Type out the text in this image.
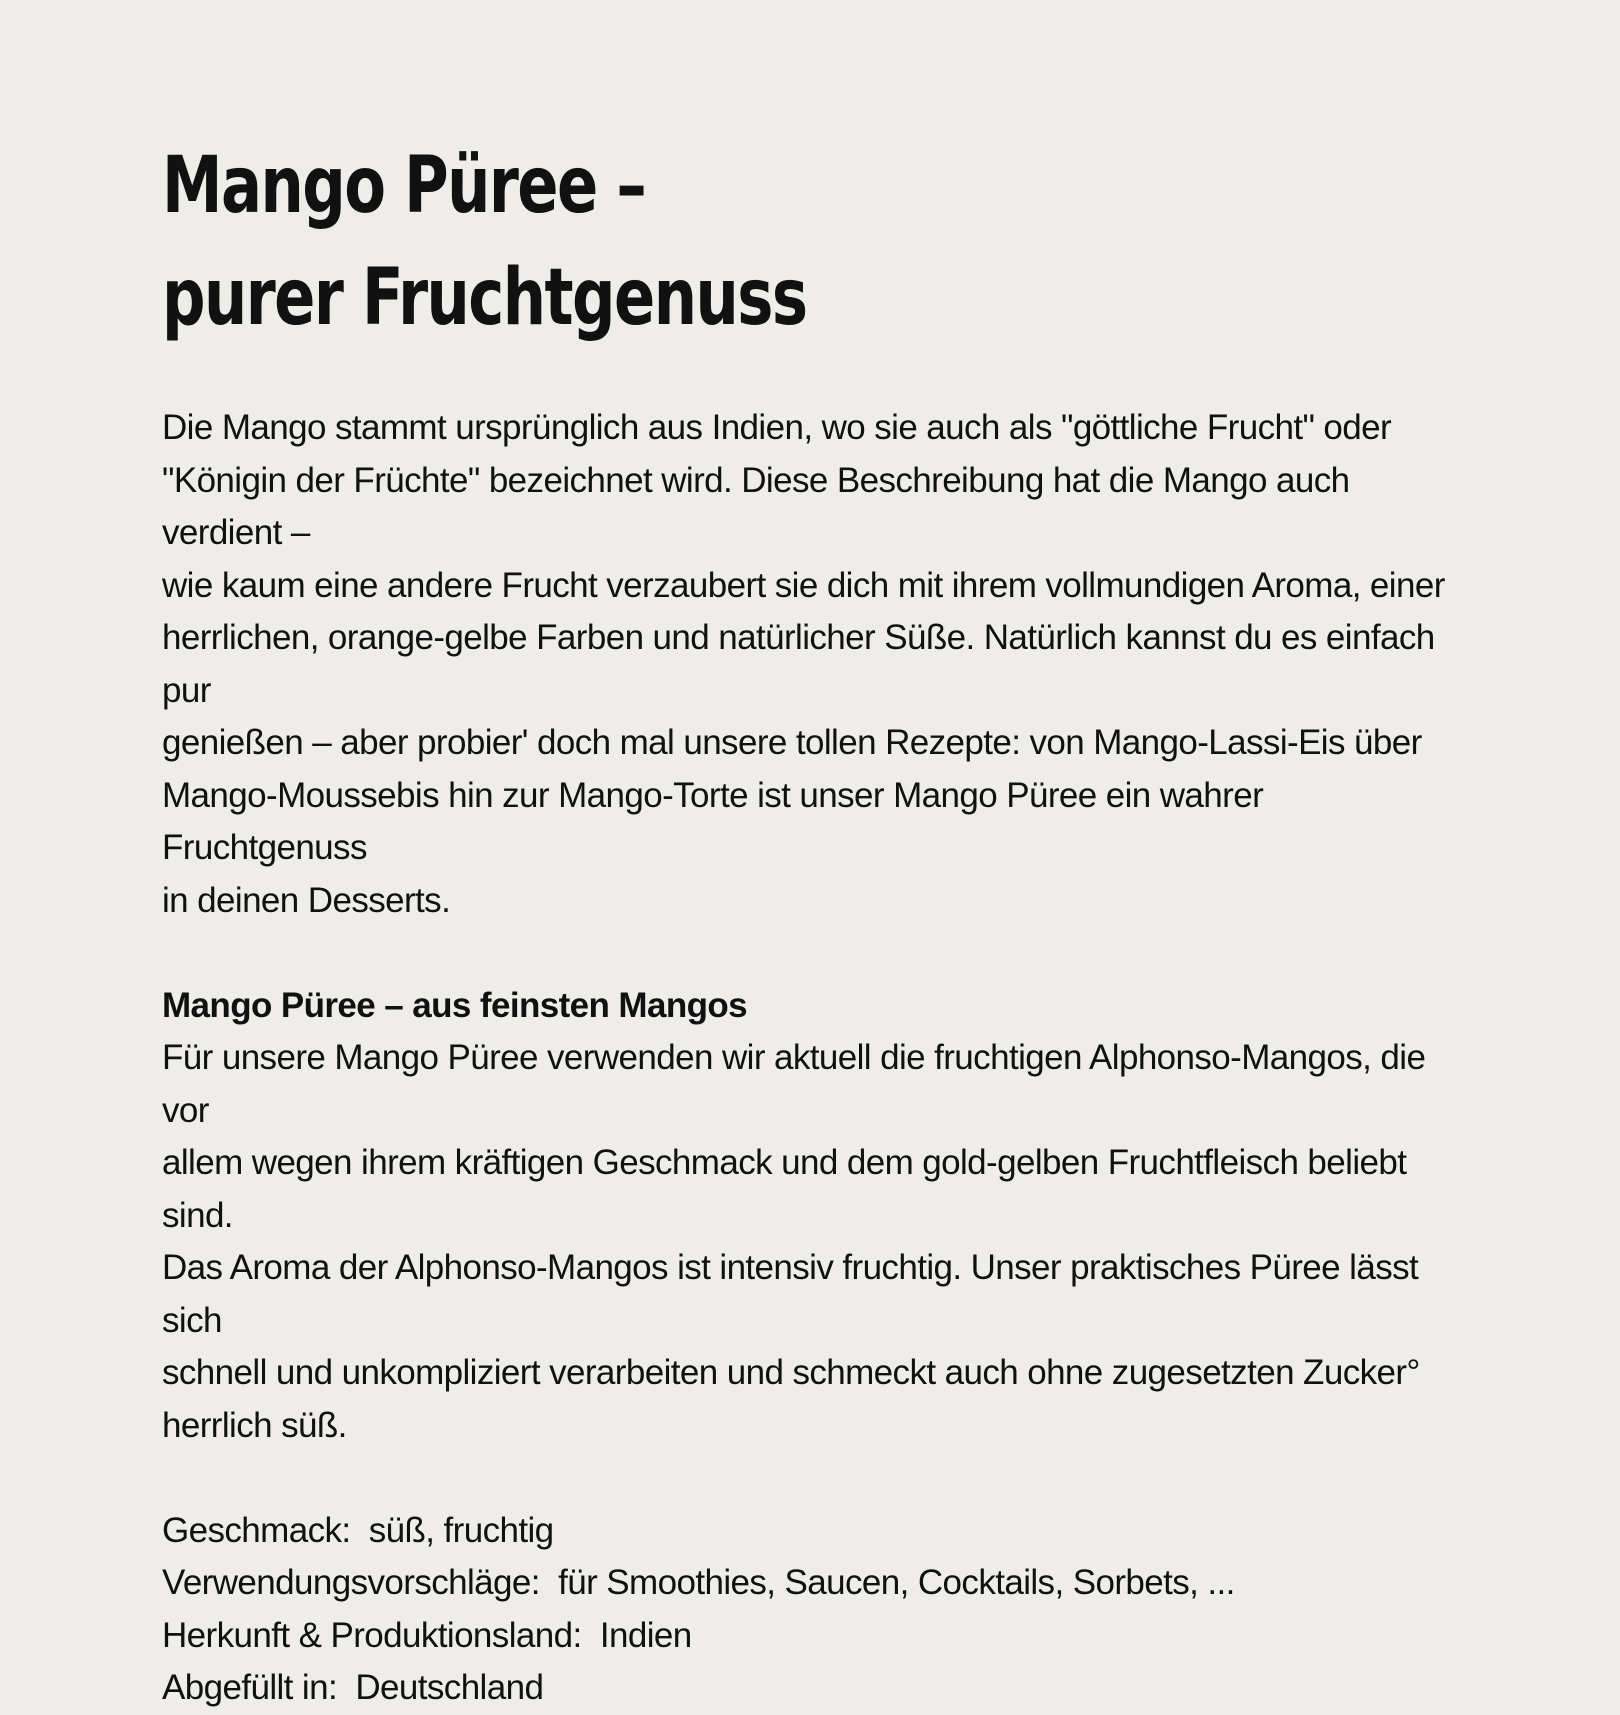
Mango Püree –
purer Fruchtgenuss

Die Mango stammt ursprünglich aus Indien, wo sie auch als "göttliche Frucht" oder
"Königin der Früchte" bezeichnet wird. Diese Beschreibung hat die Mango auch verdient –
wie kaum eine andere Frucht verzaubert sie dich mit ihrem vollmundigen Aroma, einer
herrlichen, orange-gelbe Farben und natürlicher Süße. Natürlich kannst du es einfach pur
genießen – aber probier' doch mal unsere tollen Rezepte: von Mango-Lassi-Eis über
Mango-Moussebis hin zur Mango-Torte ist unser Mango Püree ein wahrer Fruchtgenuss
in deinen Desserts.

Mango Püree – aus feinsten Mangos

Für unsere Mango Püree verwenden wir aktuell die fruchtigen Alphonso-Mangos, die vor
allem wegen ihrem kräftigen Geschmack und dem gold-gelben Fruchtfleisch beliebt sind.
Das Aroma der Alphonso-Mangos ist intensiv fruchtig. Unser praktisches Püree lässt sich
schnell und unkompliziert verarbeiten und schmeckt auch ohne zugesetzten Zucker°
herrlich süß.

Geschmack: süß, fruchtig
Verwendungsvorschläge: für Smoothies, Saucen, Cocktails, Sorbets, ...
Herkunft & Produktionsland: Indien
Abgefüllt in: Deutschland
